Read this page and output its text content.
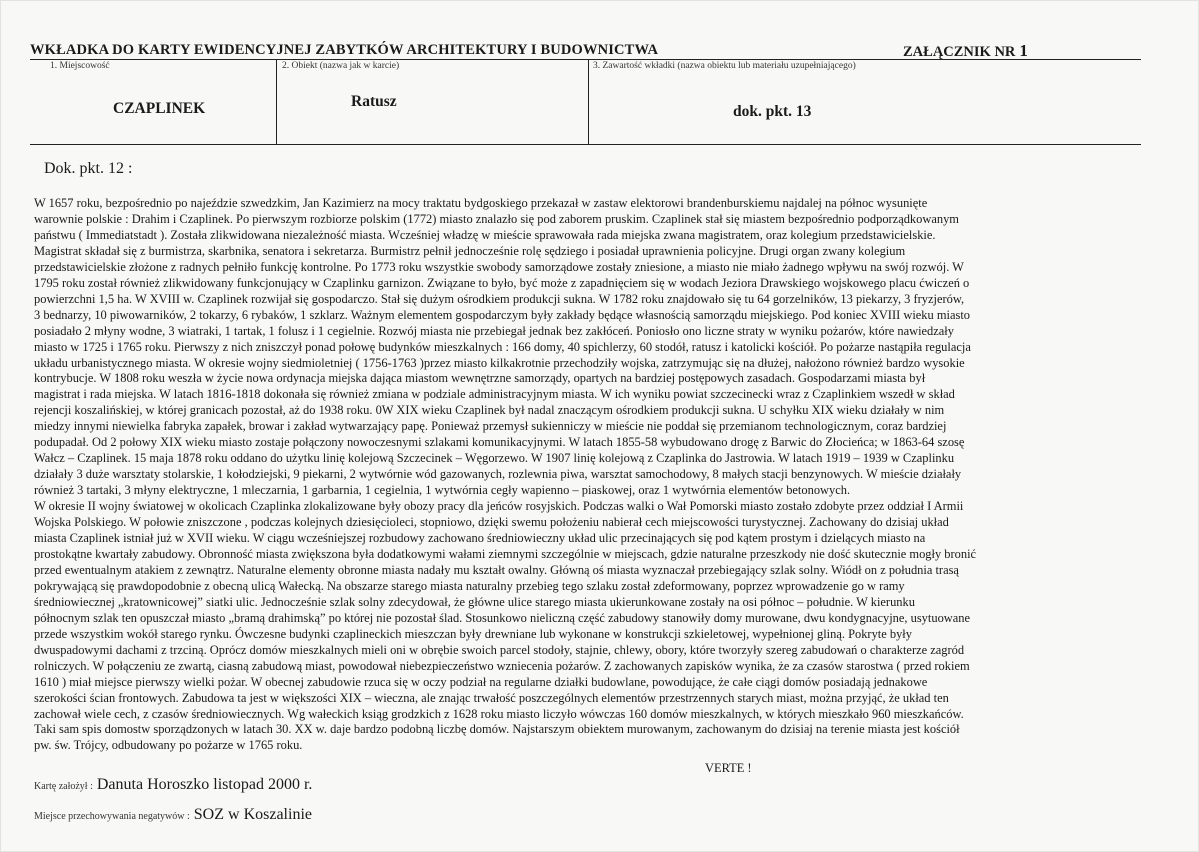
WKŁADKA DO KARTY EWIDENCYJNEJ ZABYTKÓW ARCHITEKTURY I BUDOWNICTWA	ZAŁĄCZNIK NR 1
1. Miejscowość
CZAPLINEK
2. Obiekt (nazwa jak w karcie)
Ratusz
3. Zawartość wkładki (nazwa obiektu lub materiału uzupełniającego)
dok. pkt. 13
Dok. pkt. 12 :
W 1657 roku, bezpośrednio po najeździe szwedzkim, Jan Kazimierz na mocy traktatu bydgoskiego przekazał w zastaw elektorowi brandenburskiemu najdalej na północ wysunięte
warownie polskie : Drahim i Czaplinek. Po pierwszym rozbiorze polskim (1772) miasto znalazło się pod zaborem pruskim. Czaplinek stał się miastem bezpośrednio podporządkowanym
państwu ( Immediatstadt ). Została zlikwidowana niezależność miasta. Wcześniej władzę w mieście sprawowała rada miejska zwana magistratem, oraz kolegium przedstawicielskie.
Magistrat składał się z burmistrza, skarbnika, senatora i sekretarza. Burmistrz pełnił jednocześnie rolę sędziego i posiadał uprawnienia policyjne. Drugi organ zwany kolegium
przedstawicielskie złożone z radnych pełniło funkcję kontrolne. Po 1773 roku wszystkie swobody samorządowe zostały zniesione, a miasto nie miało żadnego wpływu na swój rozwój. W
1795 roku został również zlikwidowany funkcjonujący w Czaplinku garnizon. Związane to było, być może z zapadnięciem się w wodach Jeziora Drawskiego wojskowego placu ćwiczeń o
powierzchni 1,5 ha. W XVIII w. Czaplinek rozwijał się gospodarczo. Stał się dużym ośrodkiem produkcji sukna. W 1782 roku znajdowało się tu 64 gorzelników, 13 piekarzy, 3 fryzjerów,
3 bednarzy, 10 piwowarników, 2 tokarzy, 6 rybaków, 1 szklarz. Ważnym elementem gospodarczym były zakłady będące własnością samorządu miejskiego. Pod koniec XVIII wieku miasto
posiadało 2 młyny wodne, 3 wiatraki, 1 tartak, 1 folusz i 1 cegielnie. Rozwój miasta nie przebiegał jednak bez zakłóceń. Poniosło ono liczne straty w wyniku pożarów, które nawiedzały
miasto w 1725 i 1765 roku. Pierwszy z nich zniszczył ponad połowę budynków mieszkalnych : 166 domy, 40 spichlerzy, 60 stodół, ratusz i katolicki kościół. Po pożarze nastąpiła regulacja
układu urbanistycznego miasta. W okresie wojny siedmioletniej ( 1756-1763 )przez miasto kilkakrotnie przechodziły wojska, zatrzymując się na dłużej, nałożono również bardzo wysokie
kontrybucje. W 1808 roku weszła w życie nowa ordynacja miejska dająca miastom wewnętrzne samorządy, opartych na bardziej postępowych zasadach. Gospodarzami miasta był
magistrat i rada miejska. W latach 1816-1818 dokonała się również zmiana w podziale administracyjnym miasta. W ich wyniku powiat szczecinecki wraz z Czaplinkiem wszedł w skład
rejencji koszalińskiej, w której granicach pozostał, aż do 1938 roku. 0W XIX wieku Czaplinek był nadal znaczącym ośrodkiem produkcji sukna. U schyłku XIX wieku działały w nim
miedzy innymi niewielka fabryka zapałek, browar i zakład wytwarzający papę. Ponieważ przemysł sukienniczy w mieście nie poddał się przemianom technologicznym, coraz bardziej
podupadał. Od 2 połowy XIX wieku miasto zostaje połączony nowoczesnymi szlakami komunikacyjnymi. W latach 1855-58 wybudowano drogę z Barwic do Złocieńca; w 1863-64 szosę
Wałcz – Czaplinek. 15 maja 1878 roku oddano do użytku linię kolejową Szczecinek – Węgorzewo. W 1907 linię kolejową z Czaplinka do Jastrowia. W latach 1919 – 1939 w Czaplinku
działały 3 duże warsztaty stolarskie, 1 kołodziejski, 9 piekarni, 2 wytwórnie wód gazowanych, rozlewnia piwa, warsztat samochodowy, 8 małych stacji benzynowych. W mieście działały
również 3 tartaki, 3 młyny elektryczne, 1 mleczarnia, 1 garbarnia, 1 cegielnia, 1 wytwórnia cegły wapienno – piaskowej, oraz 1 wytwórnia elementów betonowych.
W okresie II wojny światowej w okolicach Czaplinka zlokalizowane były obozy pracy dla jeńców rosyjskich. Podczas walki o Wał Pomorski miasto zostało zdobyte przez oddział I Armii
Wojska Polskiego. W połowie zniszczone , podczas kolejnych dziesięcioleci, stopniowo, dzięki swemu położeniu nabierał cech miejscowości turystycznej. Zachowany do dzisiaj układ
miasta Czaplinek istniał już w XVII wieku. W ciągu wcześniejszej rozbudowy zachowano średniowieczny układ ulic przecinających się pod kątem prostym i dzielących miasto na
prostokątne kwartały zabudowy. Obronność miasta zwiększona była dodatkowymi wałami ziemnymi szczególnie w miejscach, gdzie naturalne przeszkody nie dość skutecznie mogły bronić
przed ewentualnym atakiem z zewnątrz. Naturalne elementy obronne miasta nadały mu kształt owalny. Główną oś miasta wyznaczał przebiegający szlak solny. Wiódł on z południa trasą
pokrywającą się prawdopodobnie z obecną ulicą Wałecką. Na obszarze starego miasta naturalny przebieg tego szlaku został zdeformowany, poprzez wprowadzenie go w ramy
średniowiecznej „kratownicowej” siatki ulic. Jednocześnie szlak solny zdecydował, że główne ulice starego miasta ukierunkowane zostały na osi północ – południe. W kierunku
północnym szlak ten opuszczał miasto „bramą drahimską” po której nie pozostał ślad. Stosunkowo nieliczną część zabudowy stanowiły domy murowane, dwu kondygnacyjne, usytuowane
przede wszystkim wokół starego rynku. Ówczesne budynki czaplineckich mieszczan były drewniane lub wykonane w konstrukcji szkieletowej, wypełnionej gliną. Pokryte były
dwuspadowymi dachami z trzciną. Oprócz domów mieszkalnych mieli oni w obrębie swoich parcel stodoły, stajnie, chlewy, obory, które tworzyły szereg zabudowań o charakterze zagród
rolniczych. W połączeniu ze zwartą, ciasną zabudową miast, powodował niebezpieczeństwo wzniecenia pożarów. Z zachowanych zapisków wynika, że za czasów starostwa ( przed rokiem
1610 ) miał miejsce pierwszy wielki pożar. W obecnej zabudowie rzuca się w oczy podział na regularne działki budowlane, powodujące, że całe ciągi domów posiadają jednakowe
szerokości ścian frontowych. Zabudowa ta jest w większości XIX – wieczna, ale znając trwałość poszczególnych elementów przestrzennych starych miast, można przyjąć, że układ ten
zachował wiele cech, z czasów średniowiecznych. Wg wałeckich ksiąg grodzkich z 1628 roku miasto liczyło wówczas 160 domów mieszkalnych, w których mieszkało 960 mieszkańców.
Taki sam spis domostw sporządzonych w latach 30. XX w. daje bardzo podobną liczbę domów. Najstarszym obiektem murowanym, zachowanym do dzisiaj na terenie miasta jest kościół
pw. św. Trójcy, odbudowany po pożarze w 1765 roku.
VERTE !
Kartę założył : Danuta Horoszko listopad 2000 r.
Miejsce przechowywania negatywów : SOZ w Koszalinie
